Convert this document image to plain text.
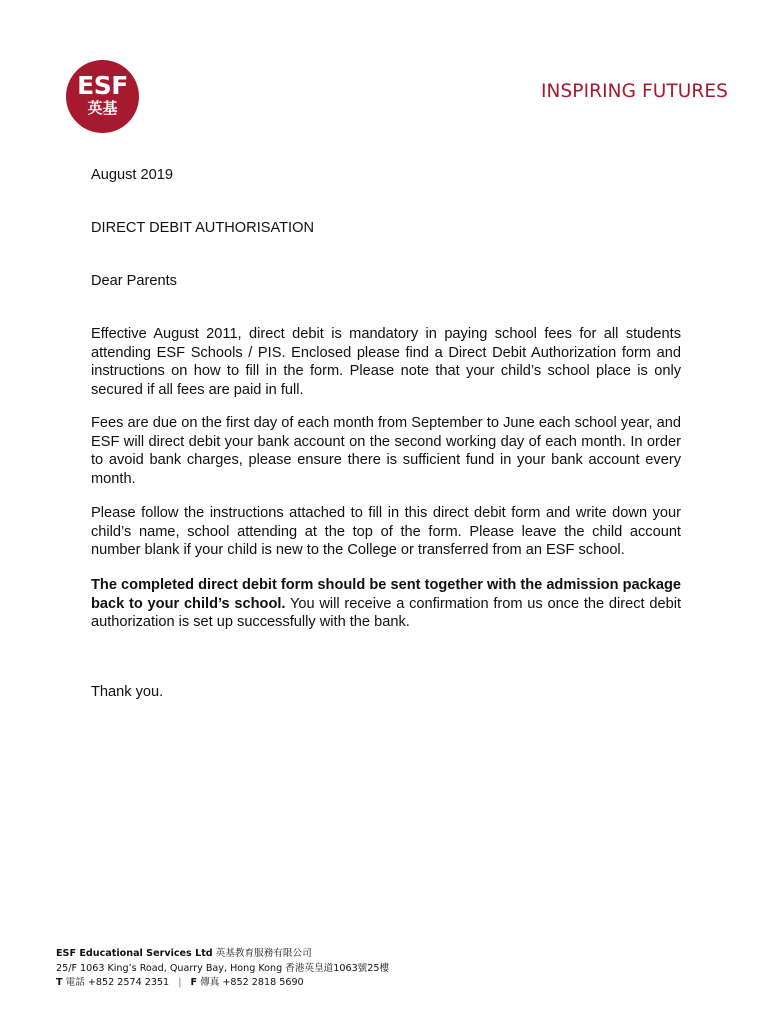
ESF
英基
INSPIRING FUTURES

August 2019

DIRECT DEBIT AUTHORISATION

Dear Parents

Effective August 2011, direct debit is mandatory in paying school fees for all students attending ESF Schools / PIS. Enclosed please find a Direct Debit Authorization form and instructions on how to fill in the form. Please note that your child’s school place is only secured if all fees are paid in full.

Fees are due on the first day of each month from September to June each school year, and ESF will direct debit your bank account on the second working day of each month. In order to avoid bank charges, please ensure there is sufficient fund in your bank account every month.

Please follow the instructions attached to fill in this direct debit form and write down your child’s name, school attending at the top of the form. Please leave the child account number blank if your child is new to the College or transferred from an ESF school.

The completed direct debit form should be sent together with the admission package back to your child’s school. You will receive a confirmation from us once the direct debit authorization is set up successfully with the bank.

Thank you.

ESF Educational Services Ltd 英基教育服務有限公司
25/F 1063 King’s Road, Quarry Bay, Hong Kong 香港英皇道1063號25樓
T 電話 +852 2574 2351 | F 傳真 +852 2818 5690
